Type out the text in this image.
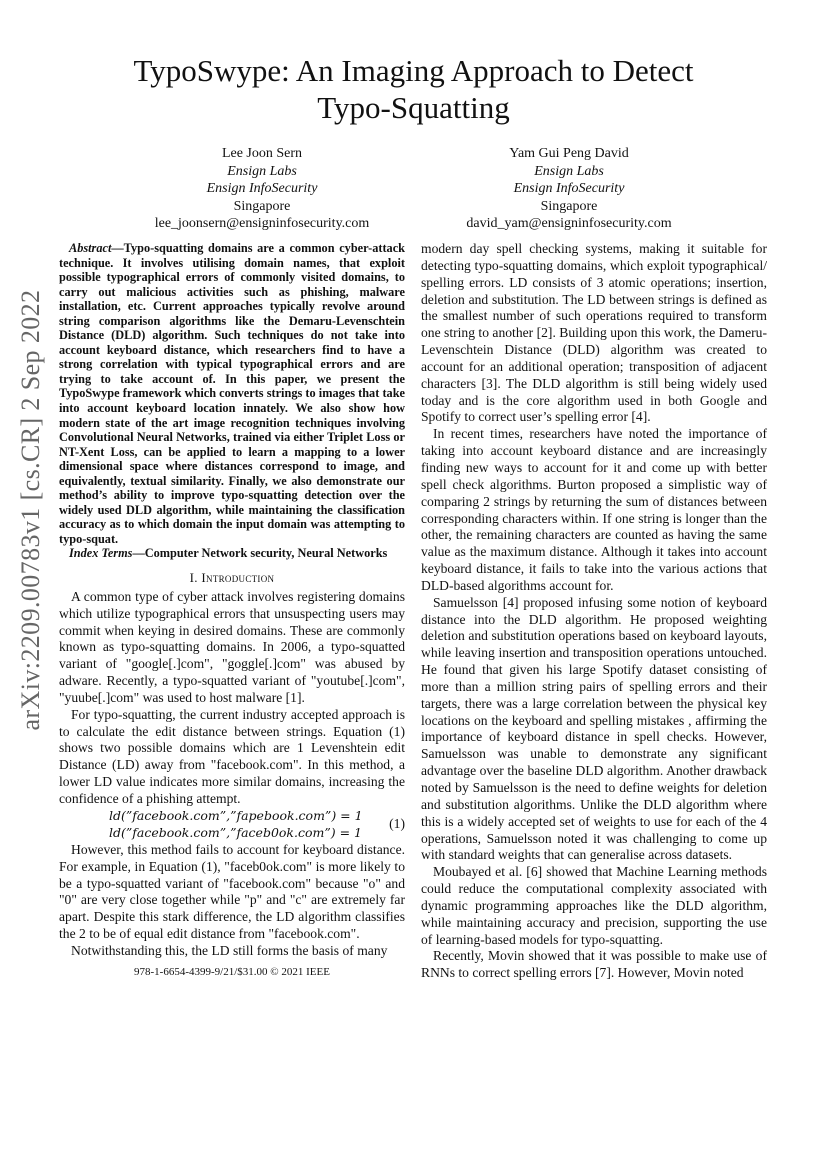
arXiv:2209.00783v1 [cs.CR] 2 Sep 2022
TypoSwype: An Imaging Approach to Detect
Typo-Squatting
Lee Joon Sern
Ensign Labs
Ensign InfoSecurity
Singapore
lee_joonsern@ensigninfosecurity.com
Yam Gui Peng David
Ensign Labs
Ensign InfoSecurity
Singapore
david_yam@ensigninfosecurity.com

Abstract—Typo-squatting domains are a common cyber-attack technique. It involves utilising domain names, that exploit possible typographical errors of commonly visited domains, to carry out malicious activities such as phishing, malware installation, etc. Current approaches typically revolve around string comparison algorithms like the Demaru-Levenschtein Distance (DLD) algorithm. Such techniques do not take into account keyboard distance, which researchers find to have a strong correlation with typical typographical errors and are trying to take account of. In this paper, we present the TypoSwype framework which converts strings to images that take into account keyboard location innately. We also show how modern state of the art image recognition techniques involving Convolutional Neural Networks, trained via either Triplet Loss or NT-Xent Loss, can be applied to learn a mapping to a lower dimensional space where distances correspond to image, and equivalently, textual similarity. Finally, we also demonstrate our method’s ability to improve typo-squatting detection over the widely used DLD algorithm, while maintaining the classification accuracy as to which domain the input domain was attempting to typo-squat.

Index Terms—Computer Network security, Neural Networks

I. Introduction

A common type of cyber attack involves registering domains which utilize typographical errors that unsuspecting users may commit when keying in desired domains. These are commonly known as typo-squatting domains. In 2006, a typo-squatted variant of "google[.]com", "goggle[.]com" was abused by adware. Recently, a typo-squatted variant of "youtube[.]com", "yuube[.]com" was used to host malware [1].

For typo-squatting, the current industry accepted approach is to calculate the edit distance between strings. Equation (1) shows two possible domains which are 1 Levenshtein edit Distance (LD) away from "facebook.com". In this method, a lower LD value indicates more similar domains, increasing the confidence of a phishing attempt.

ld(”facebook.com”,”fapebook.com”) = 1
ld(”facebook.com”,”faceb0ok.com”) = 1
(1)

However, this method fails to account for keyboard distance. For example, in Equation (1), "faceb0ok.com" is more likely to be a typo-squatted variant of "facebook.com" because "o" and "0" are very close together while "p" and "c" are extremely far apart. Despite this stark difference, the LD algorithm classifies the 2 to be of equal edit distance from "facebook.com".

Notwithstanding this, the LD still forms the basis of many

978-1-6654-4399-9/21/$31.00 © 2021 IEEE

modern day spell checking systems, making it suitable for detecting typo-squatting domains, which exploit typographical/ spelling errors. LD consists of 3 atomic operations; insertion, deletion and substitution. The LD between strings is defined as the smallest number of such operations required to transform one string to another [2]. Building upon this work, the Dameru-Levenschtein Distance (DLD) algorithm was created to account for an additional operation; transposition of adjacent characters [3]. The DLD algorithm is still being widely used today and is the core algorithm used in both Google and Spotify to correct user’s spelling error [4].

In recent times, researchers have noted the importance of taking into account keyboard distance and are increasingly finding new ways to account for it and come up with better spell check algorithms. Burton proposed a simplistic way of comparing 2 strings by returning the sum of distances between corresponding characters within. If one string is longer than the other, the remaining characters are counted as having the same value as the maximum distance. Although it takes into account keyboard distance, it fails to take into the various actions that DLD-based algorithms account for.

Samuelsson [4] proposed infusing some notion of keyboard distance into the DLD algorithm. He proposed weighting deletion and substitution operations based on keyboard layouts, while leaving insertion and transposition operations untouched. He found that given his large Spotify dataset consisting of more than a million string pairs of spelling errors and their targets, there was a large correlation between the physical key locations on the keyboard and spelling mistakes , affirming the importance of keyboard distance in spell checks. However, Samuelsson was unable to demonstrate any significant advantage over the baseline DLD algorithm. Another drawback noted by Samuelsson is the need to define weights for deletion and substitution algorithms. Unlike the DLD algorithm where this is a widely accepted set of weights to use for each of the 4 operations, Samuelsson noted it was challenging to come up with standard weights that can generalise across datasets.

Moubayed et al. [6] showed that Machine Learning methods could reduce the computational complexity associated with dynamic programming approaches like the DLD algorithm, while maintaining accuracy and precision, supporting the use of learning-based models for typo-squatting.

Recently, Movin showed that it was possible to make use of RNNs to correct spelling errors [7]. However, Movin noted
